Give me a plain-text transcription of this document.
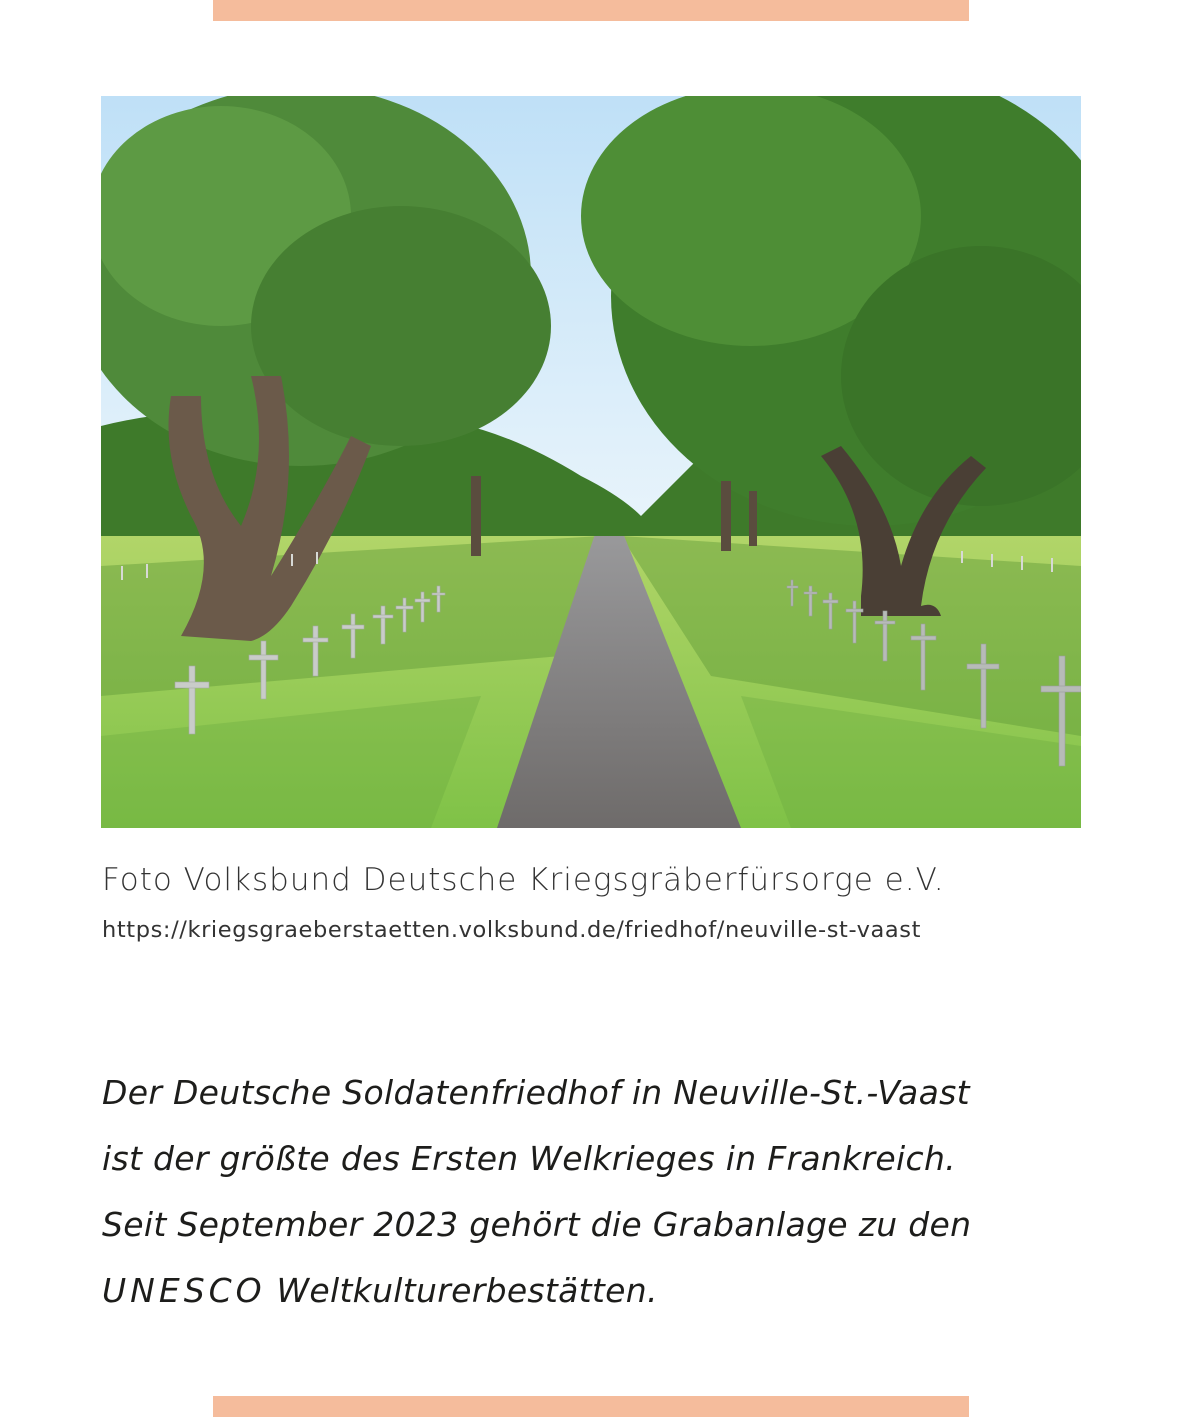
Foto Volksbund Deutsche Kriegsgräberfürsorge e.V.
https://kriegsgraeberstaetten.volksbund.de/friedhof/neuville-st-vaast
Der Deutsche Soldatenfriedhof in Neuville-St.-Vaast
ist der größte des Ersten Welkrieges in Frankreich.
Seit September 2023 gehört die Grabanlage zu den
UNESCO Weltkulturerbestätten.
